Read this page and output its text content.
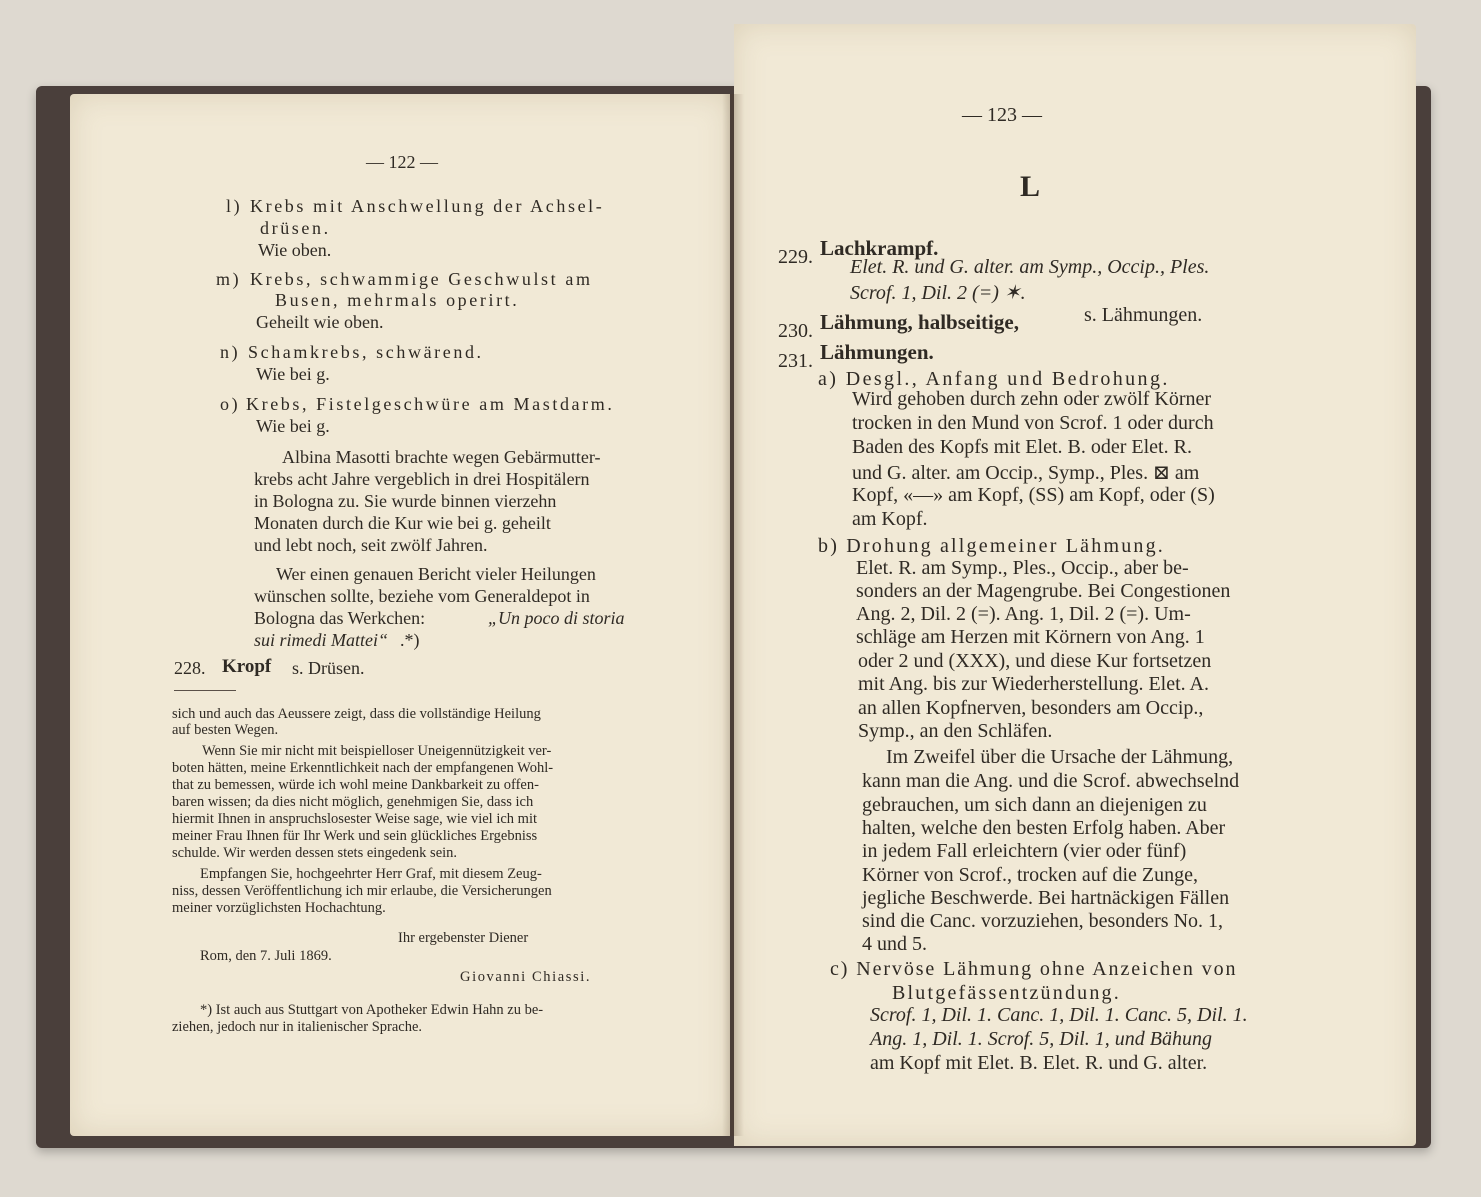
— 122 —
l) Krebs mit Anschwellung der Achsel-
drüsen.
Wie oben.
m) Krebs, schwammige Geschwulst am
Busen, mehrmals operirt.
Geheilt wie oben.
n) Schamkrebs, schwärend.
Wie bei g.
o) Krebs, Fistelgeschwüre am Mastdarm.
Wie bei g.
Albina Masotti brachte wegen Gebärmutter-
krebs acht Jahre vergeblich in drei Hospitälern
in Bologna zu. Sie wurde binnen vierzehn
Monaten durch die Kur wie bei g. geheilt
und lebt noch, seit zwölf Jahren.
Wer einen genauen Bericht vieler Heilungen
wünschen sollte, beziehe vom Generaldepot in
Bologna das Werkchen:	„Un poco di storia
sui rimedi Mattei“ .*)
228. Kropf s. Drüsen.
sich und auch das Aeussere zeigt, dass die vollständige Heilung
auf besten Wegen.
Wenn Sie mir nicht mit beispielloser Uneigennützigkeit ver-
boten hätten, meine Erkenntlichkeit nach der empfangenen Wohl-
that zu bemessen, würde ich wohl meine Dankbarkeit zu offen-
baren wissen; da dies nicht möglich, genehmigen Sie, dass ich
hiermit Ihnen in anspruchslosester Weise sage, wie viel ich mit
meiner Frau Ihnen für Ihr Werk und sein glückliches Ergebniss
schulde. Wir werden dessen stets eingedenk sein.
Empfangen Sie, hochgeehrter Herr Graf, mit diesem Zeug-
niss, dessen Veröffentlichung ich mir erlaube, die Versicherungen
meiner vorzüglichsten Hochachtung.
Ihr ergebenster Diener
Rom, den 7. Juli 1869.
Giovanni Chiassi.
*) Ist auch aus Stuttgart von Apotheker Edwin Hahn zu be-
ziehen, jedoch nur in italienischer Sprache.
— 123 —
L
229. Lachkrampf.
Elet. R. und G. alter. am Symp., Occip., Ples.
Scrof. 1, Dil. 2 (=) ✶.
230. Lähmung, halbseitige,	s. Lähmungen.
231. Lähmungen.
a) Desgl., Anfang und Bedrohung.
Wird gehoben durch zehn oder zwölf Körner
trocken in den Mund von Scrof. 1 oder durch
Baden des Kopfs mit Elet. B. oder Elet. R.
und G. alter. am Occip., Symp., Ples. ⊠ am
Kopf, «—» am Kopf, (SS) am Kopf, oder (S)
am Kopf.
b) Drohung allgemeiner Lähmung.
Elet. R. am Symp., Ples., Occip., aber be-
sonders an der Magengrube. Bei Congestionen
Ang. 2, Dil. 2 (=). Ang. 1, Dil. 2 (=). Um-
schläge am Herzen mit Körnern von Ang. 1
oder 2 und (XXX), und diese Kur fortsetzen
mit Ang. bis zur Wiederherstellung. Elet. A.
an allen Kopfnerven, besonders am Occip.,
Symp., an den Schläfen.
Im Zweifel über die Ursache der Lähmung,
kann man die Ang. und die Scrof. abwechselnd
gebrauchen, um sich dann an diejenigen zu
halten, welche den besten Erfolg haben. Aber
in jedem Fall erleichtern (vier oder fünf)
Körner von Scrof., trocken auf die Zunge,
jegliche Beschwerde. Bei hartnäckigen Fällen
sind die Canc. vorzuziehen, besonders No. 1,
4 und 5.
c) Nervöse Lähmung ohne Anzeichen von
Blutgefässentzündung.
Scrof. 1, Dil. 1. Canc. 1, Dil. 1. Canc. 5, Dil. 1.
Ang. 1, Dil. 1. Scrof. 5, Dil. 1, und Bähung
am Kopf mit Elet. B. Elet. R. und G. alter.
